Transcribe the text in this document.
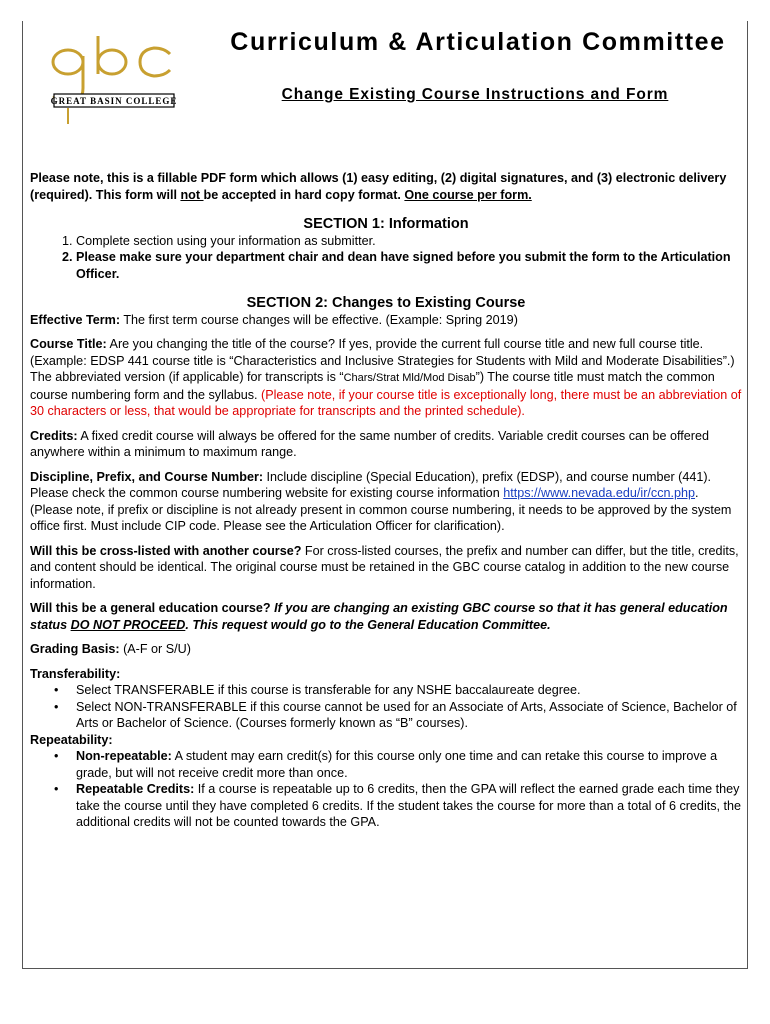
GREAT BASIN COLLEGE
Curriculum & Articulation Committee
Change Existing Course Instructions and Form

Please note, this is a fillable PDF form which allows (1) easy editing, (2) digital signatures, and (3) electronic delivery (required). This form will not be accepted in hard copy format. One course per form.

SECTION 1: Information

1. Complete section using your information as submitter.
2. Please make sure your department chair and dean have signed before you submit the form to the Articulation Officer.

SECTION 2: Changes to Existing Course

Effective Term: The first term course changes will be effective. (Example: Spring 2019)

Course Title: Are you changing the title of the course? If yes, provide the current full course title and new full course title. (Example: EDSP 441 course title is “Characteristics and Inclusive Strategies for Students with Mild and Moderate Disabilities”.)
The abbreviated version (if applicable) for transcripts is “Chars/Strat Mld/Mod Disab”) The course title must match the common course numbering form and the syllabus. (Please note, if your course title is exceptionally long, there must be an abbreviation of 30 characters or less, that would be appropriate for transcripts and the printed schedule).

Credits: A fixed credit course will always be offered for the same number of credits. Variable credit courses can be offered anywhere within a minimum to maximum range.

Discipline, Prefix, and Course Number: Include discipline (Special Education), prefix (EDSP), and course number (441). Please check the common course numbering website for existing course information https://www.nevada.edu/ir/ccn.php. (Please note, if prefix or discipline is not already present in common course numbering, it needs to be approved by the system office first. Must include CIP code. Please see the Articulation Officer for clarification).

Will this be cross-listed with another course? For cross-listed courses, the prefix and number can differ, but the title, credits, and content should be identical. The original course must be retained in the GBC course catalog in addition to the new course information.

Will this be a general education course? If you are changing an existing GBC course so that it has general education status DO NOT PROCEED. This request would go to the General Education Committee.

Grading Basis: (A-F or S/U)

Transferability:

• Select TRANSFERABLE if this course is transferable for any NSHE baccalaureate degree.
• Select NON-TRANSFERABLE if this course cannot be used for an Associate of Arts, Associate of Science, Bachelor of Arts or Bachelor of Science. (Courses formerly known as “B” courses).

Repeatability:

• Non-repeatable: A student may earn credit(s) for this course only one time and can retake this course to improve a grade, but will not receive credit more than once.
• Repeatable Credits: If a course is repeatable up to 6 credits, then the GPA will reflect the earned grade each time they take the course until they have completed 6 credits. If the student takes the course for more than a total of 6 credits, the additional credits will not be counted towards the GPA.
